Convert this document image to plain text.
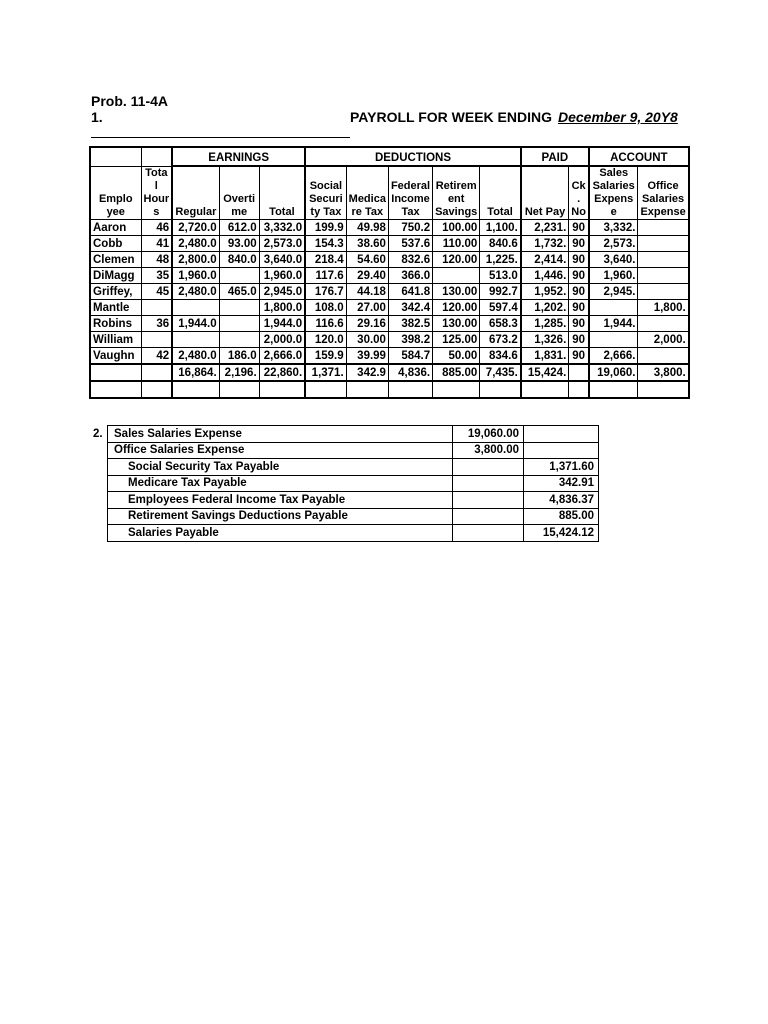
Prob. 11-4A
1.	PAYROLL FOR WEEK ENDING December 9, 20Y8
		EARNINGS			DEDUCTIONS					PAID		ACCOUNT	
Emplo yee	Tota l Hour s	Regular	Overti me	Total	Social Securi ty Tax	Medica re Tax	Federal Income Tax	Retirem ent Savings	Total	Net Pay	Ck . No	Sales Salaries Expens e	Office Salaries Expense
Aaron	46	2,720.0	612.0	3,332.0	199.9	49.98	750.2	100.00	1,100.	2,231.	90	3,332.	
Cobb	41	2,480.0	93.00	2,573.0	154.3	38.60	537.6	110.00	840.6	1,732.	90	2,573.	
Clemen	48	2,800.0	840.0	3,640.0	218.4	54.60	832.6	120.00	1,225.	2,414.	90	3,640.	
DiMagg	35	1,960.0		1,960.0	117.6	29.40	366.0		513.0	1,446.	90	1,960.	
Griffey,	45	2,480.0	465.0	2,945.0	176.7	44.18	641.8	130.00	992.7	1,952.	90	2,945.	
Mantle				1,800.0	108.0	27.00	342.4	120.00	597.4	1,202.	90		1,800.
Robins	36	1,944.0		1,944.0	116.6	29.16	382.5	130.00	658.3	1,285.	90	1,944.	
William				2,000.0	120.0	30.00	398.2	125.00	673.2	1,326.	90		2,000.
Vaughn	42	2,480.0	186.0	2,666.0	159.9	39.99	584.7	50.00	834.6	1,831.	90	2,666.	
		16,864.	2,196.	22,860.	1,371.	342.9	4,836.	885.00	7,435.	15,424.		19,060.	3,800.

2. Sales Salaries Expense	19,060.00	
Office Salaries Expense	3,800.00	
Social Security Tax Payable		1,371.60
Medicare Tax Payable		342.91
Employees Federal Income Tax Payable		4,836.37
Retirement Savings Deductions Payable		885.00
Salaries Payable		15,424.12
